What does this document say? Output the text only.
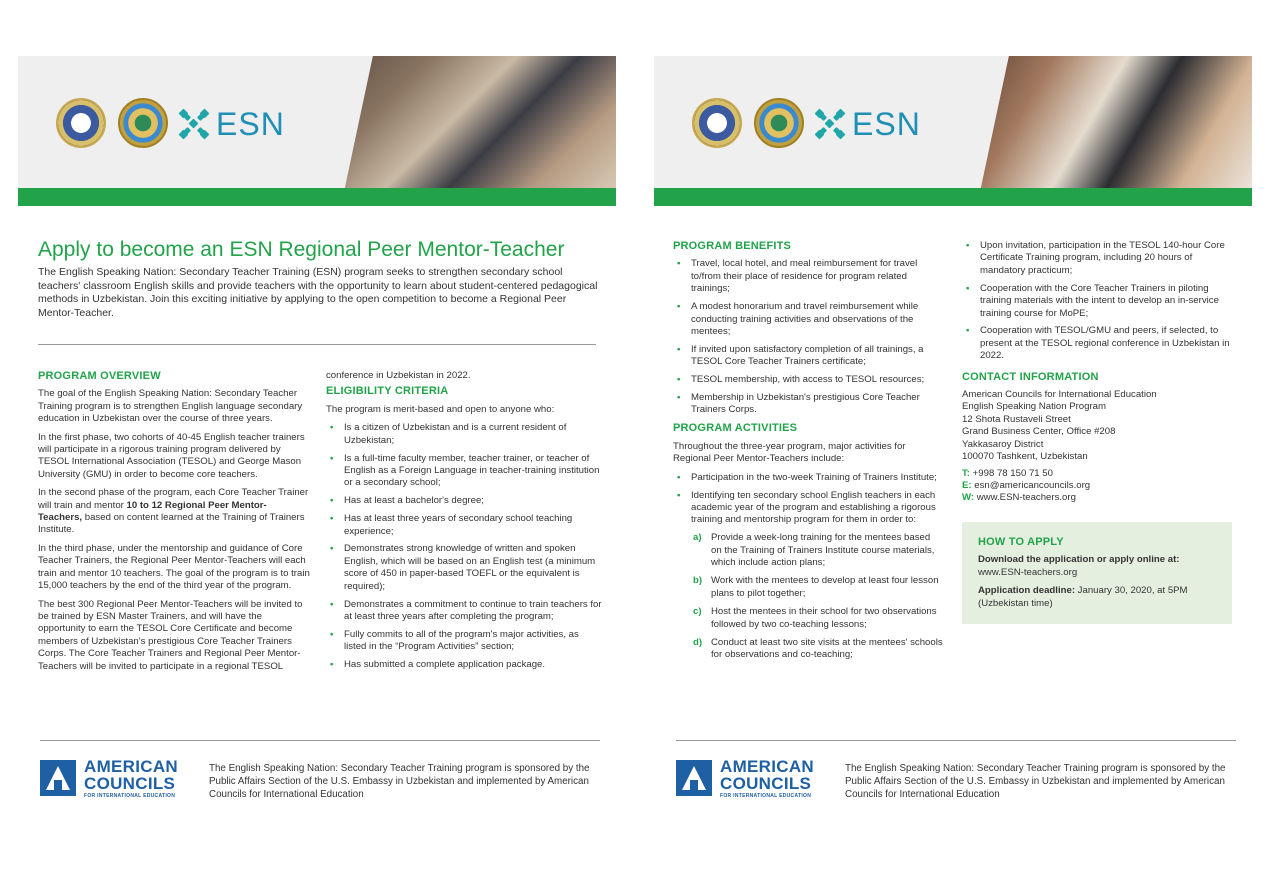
ESN
Apply to become an ESN Regional Peer Mentor-Teacher

The English Speaking Nation: Secondary Teacher Training (ESN) program seeks to strengthen secondary school teachers' classroom English skills and provide teachers with the opportunity to learn about student-centered pedagogical methods in Uzbekistan. Join this exciting initiative by applying to the open competition to become a Regional Peer Mentor-Teacher.

PROGRAM OVERVIEW

The goal of the English Speaking Nation: Secondary Teacher Training program is to strengthen English language secondary education in Uzbekistan over the course of three years.

In the first phase, two cohorts of 40-45 English teacher trainers will participate in a rigorous training program delivered by TESOL International Association (TESOL) and George Mason University (GMU) in order to become core teachers.

In the second phase of the program, each Core Teacher Trainer will train and mentor 10 to 12 Regional Peer Mentor-Teachers, based on content learned at the Training of Trainers Institute.

In the third phase, under the mentorship and guidance of Core Teacher Trainers, the Regional Peer Mentor-Teachers will each train and mentor 10 teachers. The goal of the program is to train 15,000 teachers by the end of the third year of the program.

The best 300 Regional Peer Mentor-Teachers will be invited to be trained by ESN Master Trainers, and will have the opportunity to earn the TESOL Core Certificate and become members of Uzbekistan's prestigious Core Teacher Trainers Corps. The Core Teacher Trainers and Regional Peer Mentor-Teachers will be invited to participate in a regional TESOL

conference in Uzbekistan in 2022.

ELIGIBILITY CRITERIA

The program is merit-based and open to anyone who:

• Is a citizen of Uzbekistan and is a current resident of Uzbekistan;
• Is a full-time faculty member, teacher trainer, or teacher of English as a Foreign Language in teacher-training institution or a secondary school;
• Has at least a bachelor's degree;
• Has at least three years of secondary school teaching experience;
• Demonstrates strong knowledge of written and spoken English, which will be based on an English test (a minimum score of 450 in paper-based TOEFL or the equivalent is required);
• Demonstrates a commitment to continue to train teachers for at least three years after completing the program;
• Fully commits to all of the program's major activities, as listed in the “Program Activities” section;
• Has submitted a complete application package.
AMERICAN
COUNCILS
FOR INTERNATIONAL EDUCATION
The English Speaking Nation: Secondary Teacher Training program is sponsored by the Public Affairs Section of the U.S. Embassy in Uzbekistan and implemented by American Councils for International Education
ESN
PROGRAM BENEFITS
• Travel, local hotel, and meal reimbursement for travel to/from their place of residence for program related trainings;
• A modest honorarium and travel reimbursement while conducting training activities and observations of the mentees;
• If invited upon satisfactory completion of all trainings, a TESOL Core Teacher Trainers certificate;
• TESOL membership, with access to TESOL resources;
• Membership in Uzbekistan's prestigious Core Teacher Trainers Corps.
PROGRAM ACTIVITIES

Throughout the three-year program, major activities for Regional Peer Mentor-Teachers include:

• Participation in the two-week Training of Trainers Institute;
• Identifying ten secondary school English teachers in each academic year of the program and establishing a rigorous training and mentorship program for them in order to:
a) Provide a week-long training for the mentees based on the Training of Trainers Institute course materials, which include action plans;
b) Work with the mentees to develop at least four lesson plans to pilot together;
c) Host the mentees in their school for two observations followed by two co-teaching lessons;
d) Conduct at least two site visits at the mentees' schools for observations and co-teaching;
• Upon invitation, participation in the TESOL 140-hour Core Certificate Training program, including 20 hours of mandatory practicum;
• Cooperation with the Core Teacher Trainers in piloting training materials with the intent to develop an in-service training course for MoPE;
• Cooperation with TESOL/GMU and peers, if selected, to present at the TESOL regional conference in Uzbekistan in 2022.
CONTACT INFORMATION

American Councils for International Education

English Speaking Nation Program

12 Shota Rustaveli Street

Grand Business Center, Office #208

Yakkasaroy District

100070 Tashkent, Uzbekistan

T: +998 78 150 71 50

E: esn@americancouncils.org

W: www.ESN-teachers.org

HOW TO APPLY

Download the application or apply online at:

www.ESN-teachers.org

Application deadline: January 30, 2020, at 5PM (Uzbekistan time)

AMERICAN
COUNCILS
FOR INTERNATIONAL EDUCATION
The English Speaking Nation: Secondary Teacher Training program is sponsored by the Public Affairs Section of the U.S. Embassy in Uzbekistan and implemented by American Councils for International Education
